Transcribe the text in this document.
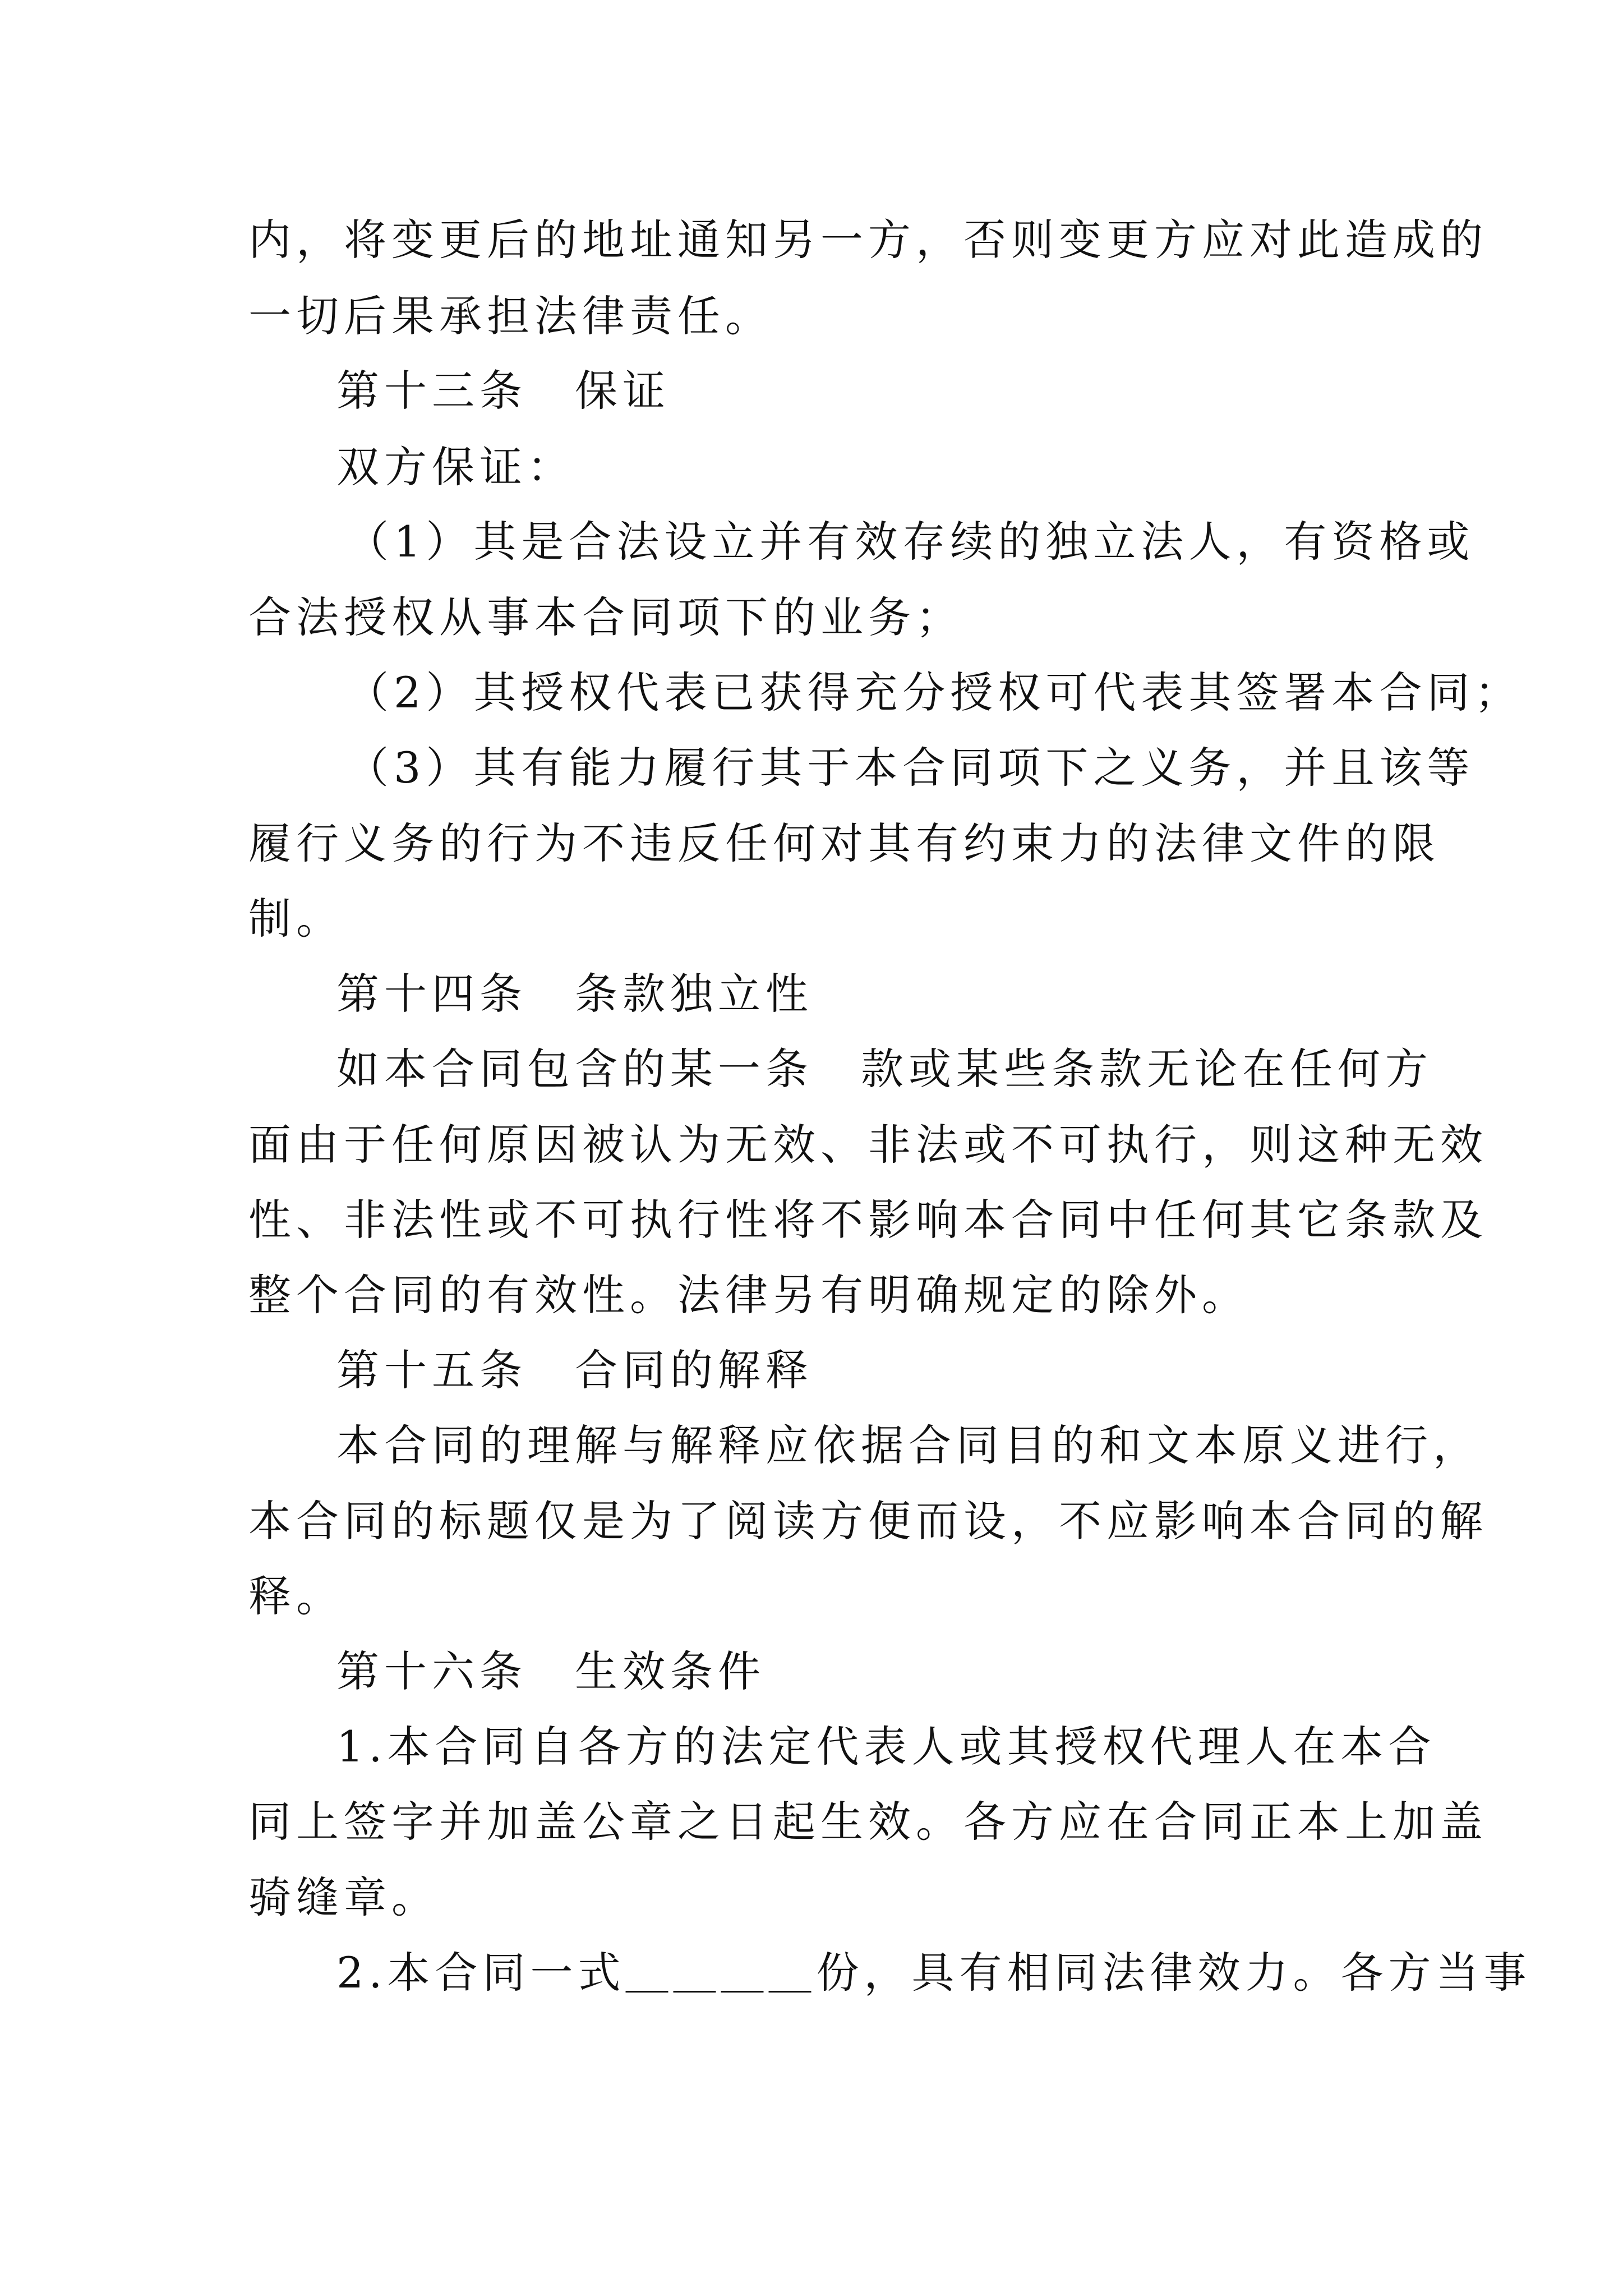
内，将变更后的地址通知另一方，否则变更方应对此造成的
一切后果承担法律责任。
第十三条　保证
双方保证：
（1）其是合法设立并有效存续的独立法人，有资格或
合法授权从事本合同项下的业务；
（2）其授权代表已获得充分授权可代表其签署本合同；
（3）其有能力履行其于本合同项下之义务，并且该等
履行义务的行为不违反任何对其有约束力的法律文件的限
制。
第十四条　条款独立性
如本合同包含的某一条　款或某些条款无论在任何方
面由于任何原因被认为无效、非法或不可执行，则这种无效
性、非法性或不可执行性将不影响本合同中任何其它条款及
整个合同的有效性。法律另有明确规定的除外。
第十五条　合同的解释
本合同的理解与解释应依据合同目的和文本原义进行，
本合同的标题仅是为了阅读方便而设，不应影响本合同的解
释。
第十六条　生效条件
1.本合同自各方的法定代表人或其授权代理人在本合
同上签字并加盖公章之日起生效。各方应在合同正本上加盖
骑缝章。
2.本合同一式＿＿＿＿份，具有相同法律效力。各方当事
